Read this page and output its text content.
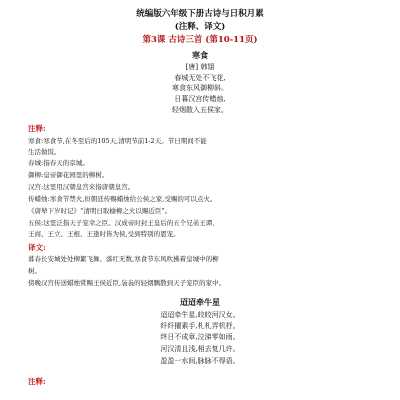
统编版六年级下册古诗与日积月累
(注释、译文)
第3课 古诗三首 (第10-11页)
寒食
[唐] 韩翃
春城无处不飞花,
寒食东风御柳斜。
日暮汉宫传蜡烛,
轻烟散入五侯家。
注释:
寒食:寒食节,在冬至后的105天,清明节前1-2天。节日期间不能
生活做饭。
春城:指春天的京城。
御柳:皇帝御花园里的柳树。
汉宫:这里用汉朝皇宫来指唐朝皇宫。
传蜡烛:寒食节禁火,但朝廷传赐蜡烛给公侯之家,受赐的可以点火。
《唐辇下岁时记》“清明日取榆柳之火以赐近臣”。
五侯:这里泛指天子宠幸之臣。汉成帝时封王皇后的五个兄弟王谭、
王商、王立、王根、王逢时皆为侯,受到特别的恩宠。
译文:
暮春长安城处处柳絮飞舞、落红无数,寒食节东风吹拂着皇城中的柳
树。
傍晚汉宫传送蜡烛赏赐王侯近臣,袅袅的轻烟飘散到天子宠臣的家中。
迢迢牵牛星
迢迢牵牛星,皎皎河汉女。
纤纤擢素手,札札弄机杼。
终日不成章,泣涕零如雨。
河汉清且浅,相去复几许。
盈盈一水间,脉脉不得语。
注释:
